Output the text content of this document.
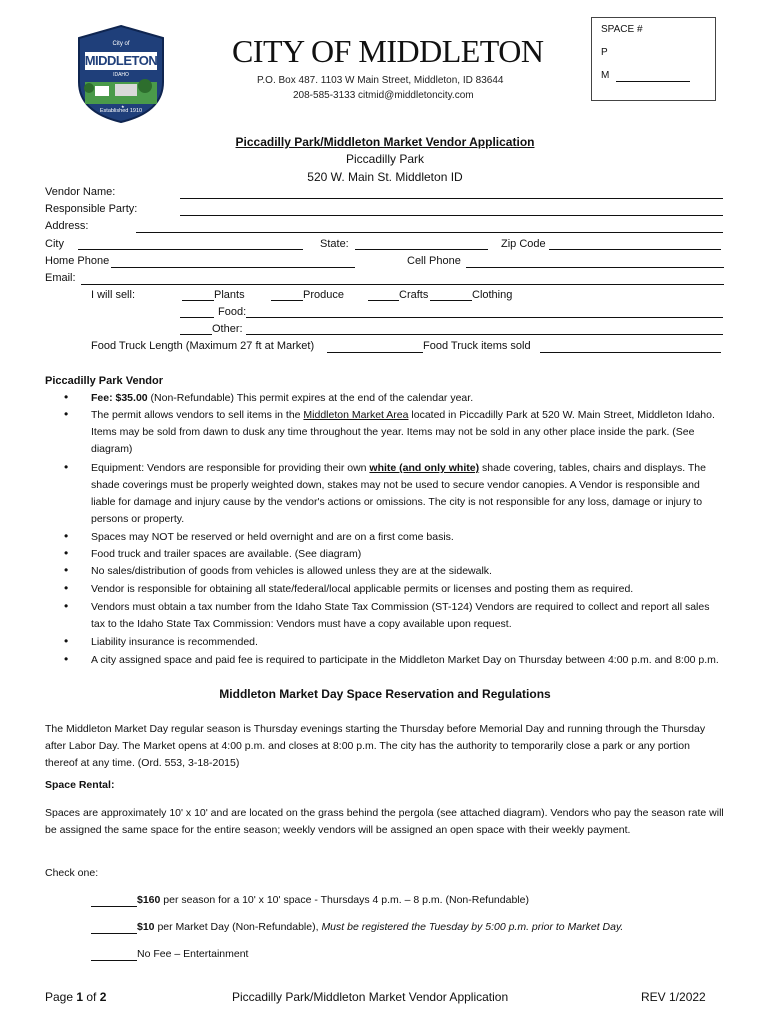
★
City of
MIDDLETON
IDAHO
Established 1910
CITY OF MIDDLETON
P.O. Box 487. 1103 W Main Street, Middleton, ID 83644
208-585-3133 citmid@middletoncity.com
SPACE #
P
M
Piccadilly Park/Middleton Market Vendor Application
Piccadilly Park
520 W. Main St. Middleton ID
Vendor Name:
Responsible Party:
Address:
City	State:	Zip Code
Home Phone	Cell Phone
Email:
I will sell:	Plants	Produce	Crafts	Clothing
Food:
Other:
Food Truck Length (Maximum 27 ft at Market)	Food Truck items sold
Piccadilly Park Vendor
• Fee: $35.00 (Non-Refundable) This permit expires at the end of the calendar year.
• The permit allows vendors to sell items in the Middleton Market Area located in Piccadilly Park at 520 W. Main Street, Middleton Idaho. Items may be sold from dawn to dusk any time throughout the year. Items may not be sold in any other place inside the park. (See diagram)
• Equipment: Vendors are responsible for providing their own white (and only white) shade covering, tables, chairs and displays. The shade coverings must be properly weighted down, stakes may not be used to secure vendor canopies. A Vendor is responsible and liable for damage and injury cause by the vendor's actions or omissions. The city is not responsible for any loss, damage or injury to persons or property.
• Spaces may NOT be reserved or held overnight and are on a first come basis.
• Food truck and trailer spaces are available. (See diagram)
• No sales/distribution of goods from vehicles is allowed unless they are at the sidewalk.
• Vendor is responsible for obtaining all state/federal/local applicable permits or licenses and posting them as required.
• Vendors must obtain a tax number from the Idaho State Tax Commission (ST-124) Vendors are required to collect and report all sales tax to the Idaho State Tax Commission: Vendors must have a copy available upon request.
• Liability insurance is recommended.
• A city assigned space and paid fee is required to participate in the Middleton Market Day on Thursday between 4:00 p.m. and 8:00 p.m.
Middleton Market Day Space Reservation and Regulations
The Middleton Market Day regular season is Thursday evenings starting the Thursday before Memorial Day and running through the Thursday after Labor Day. The Market opens at 4:00 p.m. and closes at 8:00 p.m. The city has the authority to temporarily close a park or any portion thereof at any time. (Ord. 553, 3-18-2015)
Space Rental:
Spaces are approximately 10' x 10' and are located on the grass behind the pergola (see attached diagram). Vendors who pay the season rate will be assigned the same space for the entire season; weekly vendors will be assigned an open space with their weekly payment.
Check one:
$160 per season for a 10' x 10' space - Thursdays 4 p.m. – 8 p.m. (Non-Refundable)
$10 per Market Day (Non-Refundable), Must be registered the Tuesday by 5:00 p.m. prior to Market Day.
No Fee – Entertainment
Page 1 of 2	Piccadilly Park/Middleton Market Vendor Application	REV 1/2022
